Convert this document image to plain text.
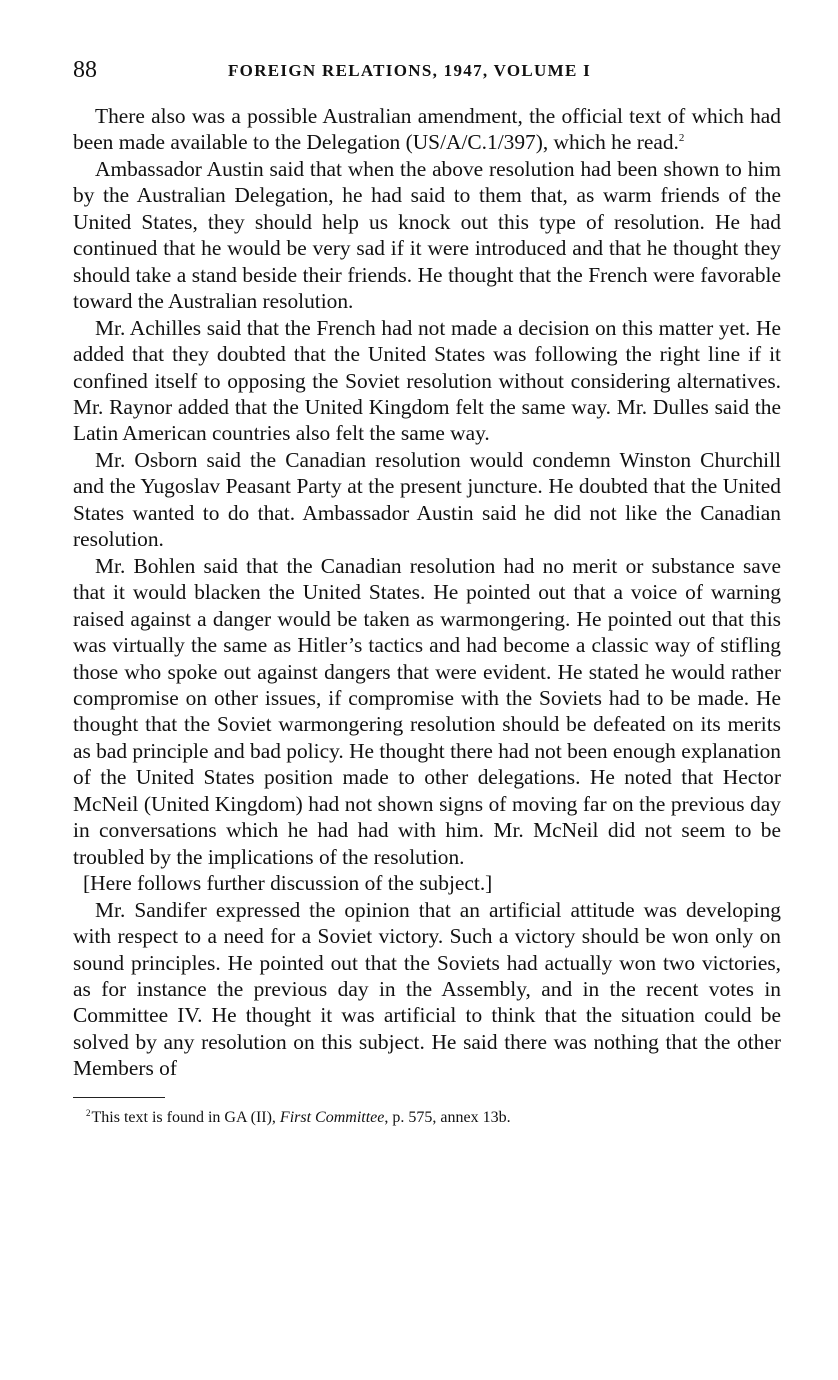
88	FOREIGN RELATIONS, 1947, VOLUME I

There also was a possible Australian amendment, the official text of which had been made available to the Delegation (US/A/C.1/397), which he read.$^2$

Ambassador Austin said that when the above resolution had been shown to him by the Australian Delegation, he had said to them that, as warm friends of the United States, they should help us knock out this type of resolution. He had continued that he would be very sad if it were introduced and that he thought they should take a stand beside their friends. He thought that the French were favorable toward the Australian resolution.

Mr. Achilles said that the French had not made a decision on this matter yet. He added that they doubted that the United States was following the right line if it confined itself to opposing the Soviet resolution without considering alternatives. Mr. Raynor added that the United Kingdom felt the same way. Mr. Dulles said the Latin American countries also felt the same way.

Mr. Osborn said the Canadian resolution would condemn Winston Churchill and the Yugoslav Peasant Party at the present juncture. He doubted that the United States wanted to do that. Ambassador Austin said he did not like the Canadian resolution.

Mr. Bohlen said that the Canadian resolution had no merit or substance save that it would blacken the United States. He pointed out that a voice of warning raised against a danger would be taken as warmongering. He pointed out that this was virtually the same as Hitler’s tactics and had become a classic way of stifling those who spoke out against dangers that were evident. He stated he would rather compromise on other issues, if compromise with the Soviets had to be made. He thought that the Soviet warmongering resolution should be defeated on its merits as bad principle and bad policy. He thought there had not been enough explanation of the United States position made to other delegations. He noted that Hector McNeil (United Kingdom) had not shown signs of moving far on the previous day in conversations which he had had with him. Mr. McNeil did not seem to be troubled by the implications of the resolution.

[Here follows further discussion of the subject.]

Mr. Sandifer expressed the opinion that an artificial attitude was developing with respect to a need for a Soviet victory. Such a victory should be won only on sound principles. He pointed out that the Soviets had actually won two victories, as for instance the previous day in the Assembly, and in the recent votes in Committee IV. He thought it was artificial to think that the situation could be solved by any resolution on this subject. He said there was nothing that the other Members of

$^2$This text is found in GA (II), First Committee, p. 575, annex 13b.
